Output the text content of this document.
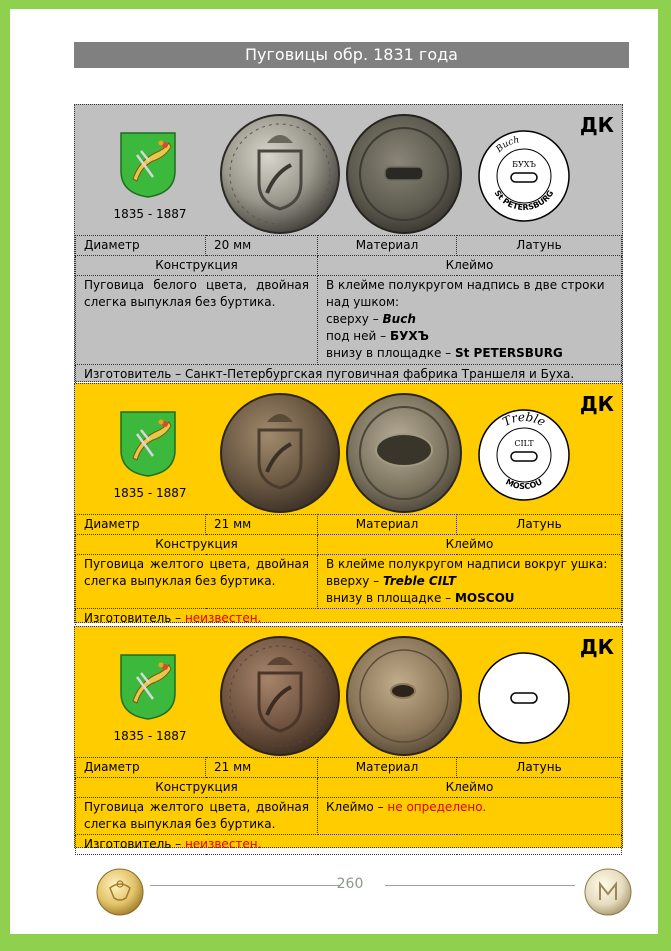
Пуговицы обр. 1831 года
ДК
1835 - 1887
Buch
БУХЪ
St PETERSBURG
Диаметр	20 мм	Материал	Латунь
Конструкция		Клеймо	
Пуговица белого цвета, двойная слегка выпуклая без буртика.		В клейме полукругом надпись в две строки над ушком:
сверху – Buch
под ней – БУХЪ
внизу в площадке – St PETERSBURG	

Изготовитель – Санкт-Петербургская пуговичная фабрика Траншеля и Буха.			
ДК
1835 - 1887
Treble
CILT
MOSCOU
Диаметр	21 мм	Материал	Латунь
Конструкция		Клеймо	
Пуговица желтого цвета, двойная слегка выпуклая без буртика.		В клейме полукругом надписи вокруг ушка:
вверху – Treble CILT
внизу в площадке – MOSCOU	

Изготовитель – неизвестен.			
ДК
1835 - 1887
Диаметр	21 мм	Материал	Латунь
Конструкция		Клеймо	
Пуговица желтого цвета, двойная слегка выпуклая без буртика.		Клеймо – не определено.	

Изготовитель – неизвестен.			
260
